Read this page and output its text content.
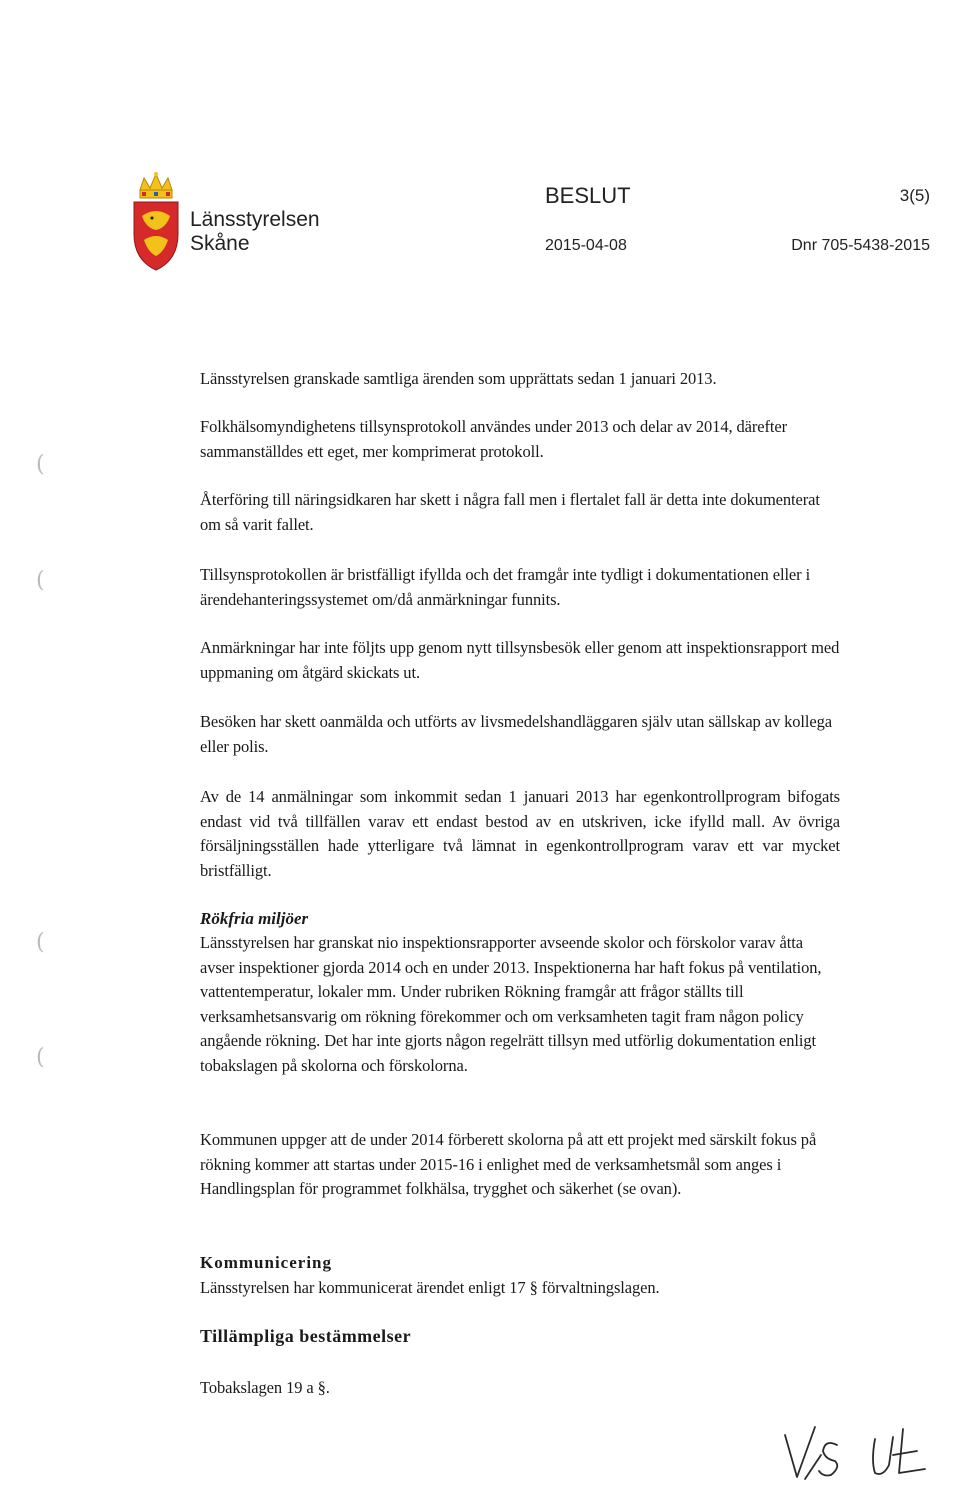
Länsstyrelsen
Skåne
BESLUT	3(5)
2015-04-08	Dnr 705-5438-2015
(
(
(
(

Länsstyrelsen granskade samtliga ärenden som upprättats sedan 1 januari 2013.

Folkhälsomyndighetens tillsynsprotokoll användes under 2013 och delar av 2014, därefter sammanställdes ett eget, mer komprimerat protokoll.

Återföring till näringsidkaren har skett i några fall men i flertalet fall är detta inte dokumenterat om så varit fallet.

Tillsynsprotokollen är bristfälligt ifyllda och det framgår inte tydligt i dokumentationen eller i ärendehanteringssystemet om/då anmärkningar funnits.

Anmärkningar har inte följts upp genom nytt tillsynsbesök eller genom att inspektionsrapport med uppmaning om åtgärd skickats ut.

Besöken har skett oanmälda och utförts av livsmedelshandläggaren själv utan sällskap av kollega eller polis.

Av de 14 anmälningar som inkommit sedan 1 januari 2013 har egenkontrollprogram bifogats endast vid två tillfällen varav ett endast bestod av en utskriven, icke ifylld mall. Av övriga försäljningsställen hade ytterligare två lämnat in egenkontrollprogram varav ett var mycket bristfälligt.

Rökfria miljöer

Länsstyrelsen har granskat nio inspektionsrapporter avseende skolor och förskolor varav åtta avser inspektioner gjorda 2014 och en under 2013. Inspektionerna har haft fokus på ventilation, vattentemperatur, lokaler mm. Under rubriken Rökning framgår att frågor ställts till verksamhetsansvarig om rökning förekommer och om verksamheten tagit fram någon policy angående rökning. Det har inte gjorts någon regelrätt tillsyn med utförlig dokumentation enligt tobakslagen på skolorna och förskolorna.

Kommunen uppger att de under 2014 förberett skolorna på att ett projekt med särskilt fokus på rökning kommer att startas under 2015-16 i enlighet med de verksamhetsmål som anges i Handlingsplan för programmet folkhälsa, trygghet och säkerhet (se ovan).

Kommunicering

Länsstyrelsen har kommunicerat ärendet enligt 17 § förvaltningslagen.

Tillämpliga bestämmelser

Tobakslagen 19 a §.
